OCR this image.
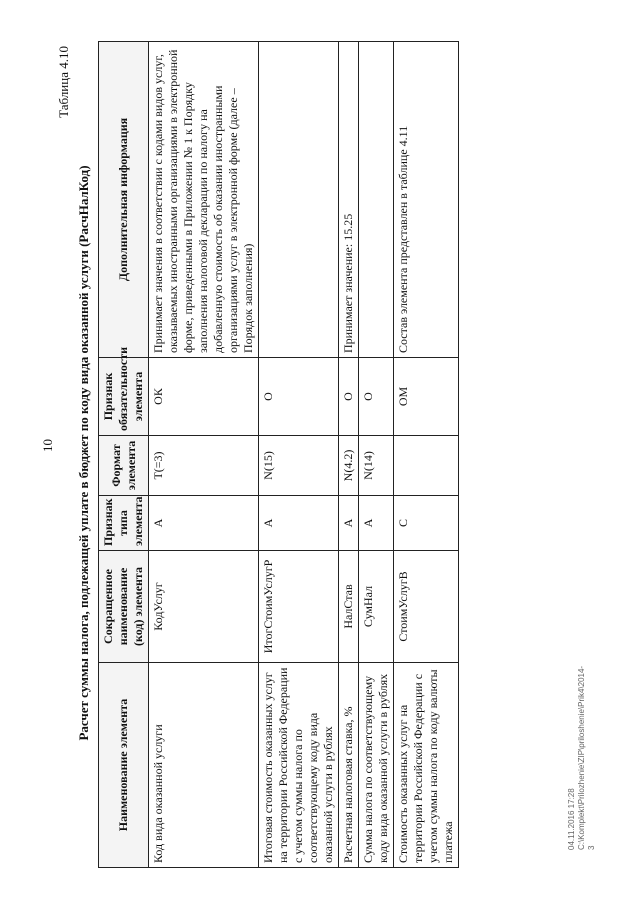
10
04.11.2016 17:28 C:\Komplekt\Prilozhenie\ZIP\priloshenie\Prik4\2014-3
Таблица 4.10
Расчет суммы налога, подлежащей уплате в бюджет по коду вида оказанной услуги (РасчНалКод)
Наименование элемента	Сокращенное наименование (код) элемента	Признак типа элемента	Формат элемента	Признак обязательности элемента	Дополнительная информация
Код вида оказанной услуги	КодУслуг	А	T(=3)	ОК	Принимает значения в соответствии с кодами видов услуг, оказываемых иностранными организациями в электронной форме, приведенными в Приложении № 1 к Порядку заполнения налоговой декларации по налогу на добавленную стоимость об оказании иностранными организациями услуг в электронной форме (далее – Порядок заполнения)
Итоговая стоимость оказанных услуг на территории Российской Федерации с учетом суммы налога по соответствующему коду вида оказанной услуги в рублях	ИтогСтоимУслугР	А	N(15)	О	
Расчетная налоговая ставка, %	НалСтав	А	N(4.2)	О	Принимает значение: 15.25
Сумма налога по соответствующему коду вида оказанной услуги в рублях	СумНал	А	N(14)	О	
Стоимость оказанных услуг на территории Российской Федерации с учетом суммы налога по коду валюты платежа	СтоимУслугВ	С		ОМ	Состав элемента представлен в таблице 4.11
